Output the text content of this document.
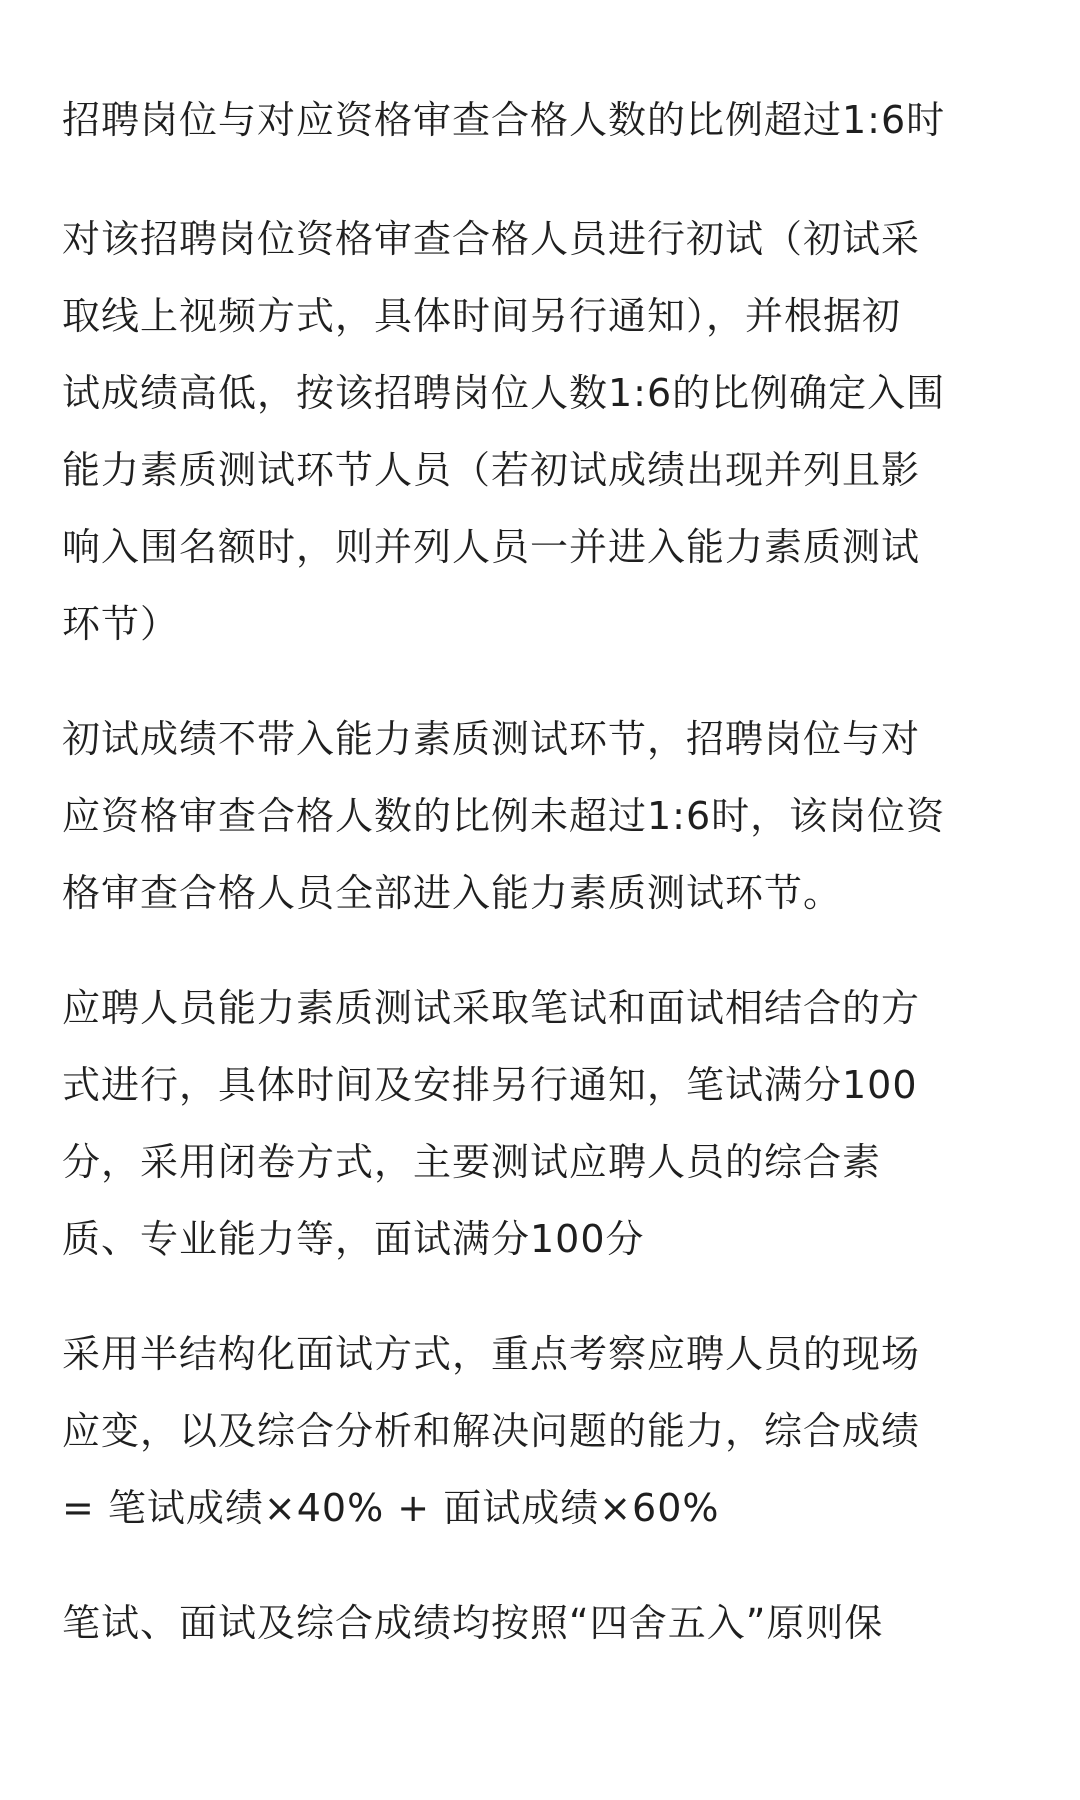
招聘岗位与对应资格审查合格人数的比例超过1:6时

对该招聘岗位资格审查合格人员进行初试（初试采
取线上视频方式，具体时间另行通知），并根据初
试成绩高低，按该招聘岗位人数1:6的比例确定入围
能力素质测试环节人员（若初试成绩出现并列且影
响入围名额时，则并列人员一并进入能力素质测试
环节）

初试成绩不带入能力素质测试环节，招聘岗位与对
应资格审查合格人数的比例未超过1:6时，该岗位资
格审查合格人员全部进入能力素质测试环节。

应聘人员能力素质测试采取笔试和面试相结合的方
式进行，具体时间及安排另行通知，笔试满分100
分，采用闭卷方式，主要测试应聘人员的综合素
质、专业能力等，面试满分100分

采用半结构化面试方式，重点考察应聘人员的现场
应变，以及综合分析和解决问题的能力，综合成绩
= 笔试成绩×40% + 面试成绩×60%

笔试、面试及综合成绩均按照“四舍五入”原则保
